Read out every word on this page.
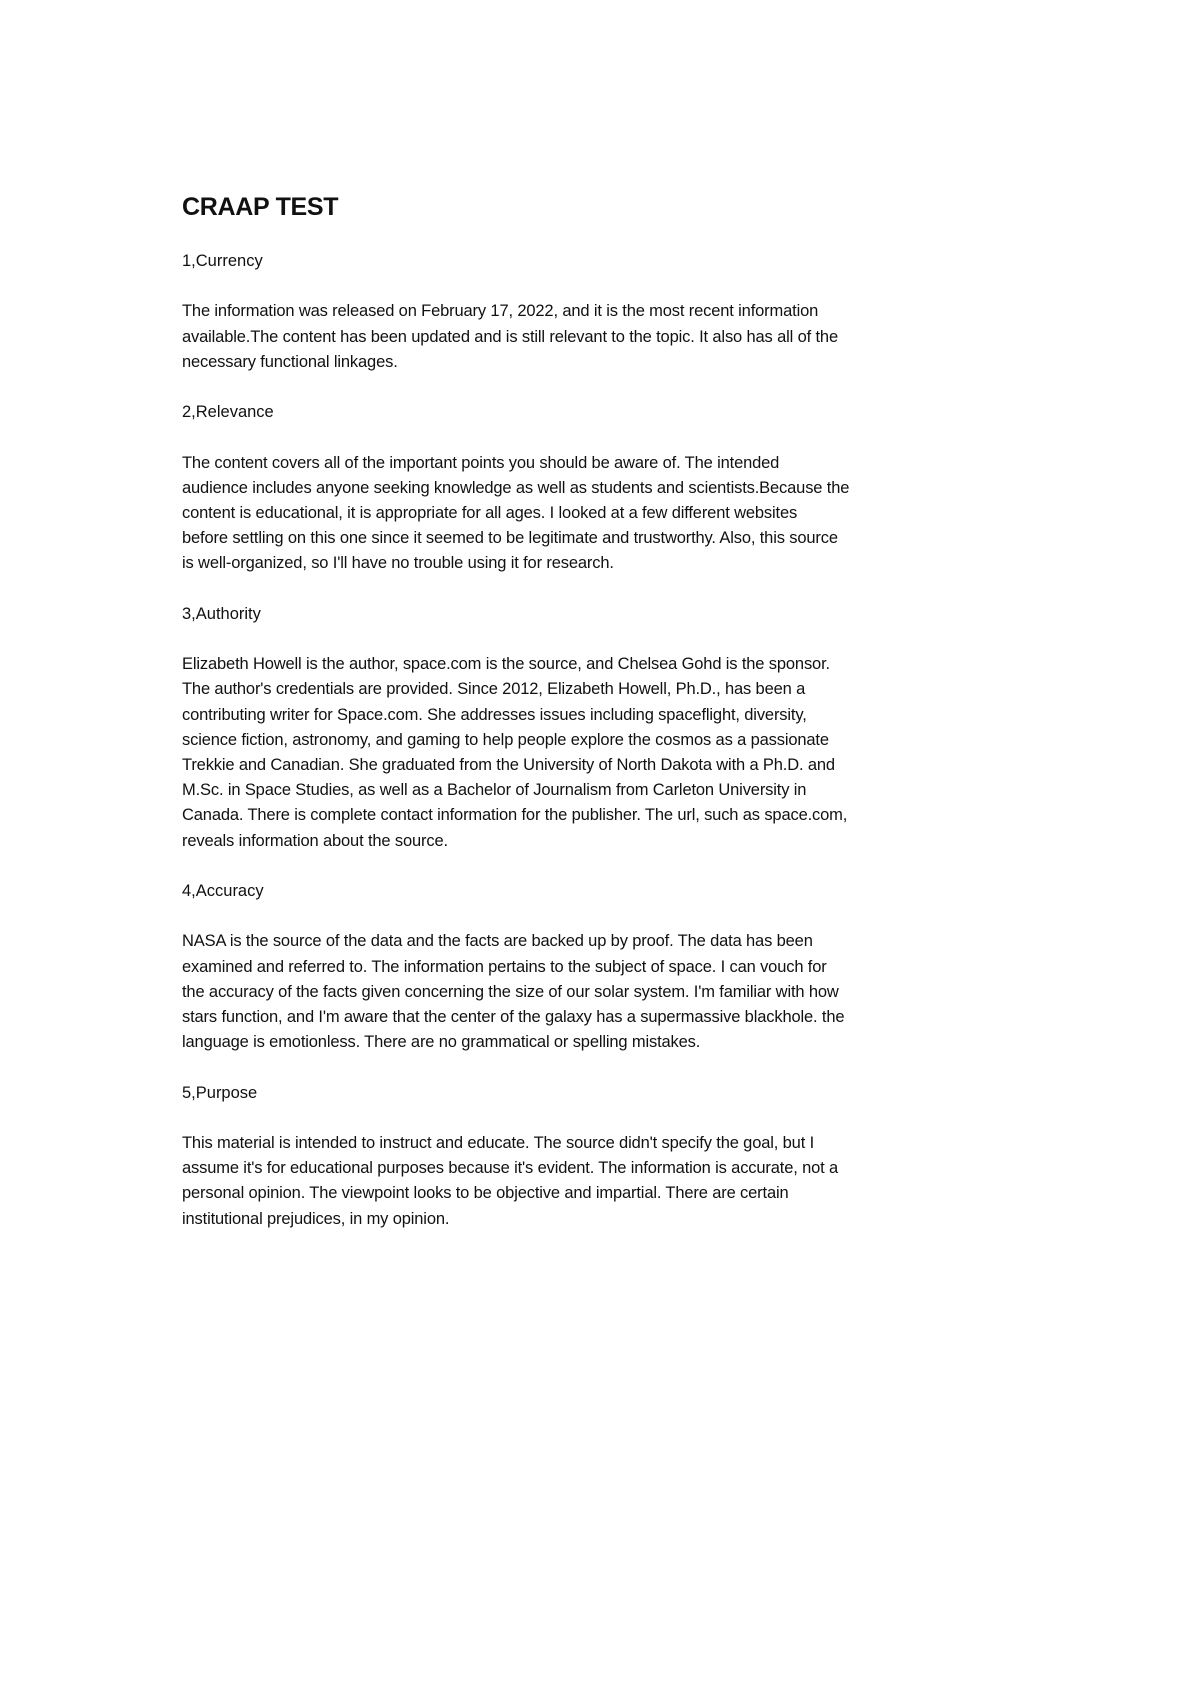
CRAAP TEST
1,Currency
The information was released on February 17, 2022, and it is the most recent information
available.The content has been updated and is still relevant to the topic. It also has all of the
necessary functional linkages.
2,Relevance
The content covers all of the important points you should be aware of. The intended
audience includes anyone seeking knowledge as well as students and scientists.Because the
content is educational, it is appropriate for all ages. I looked at a few different websites
before settling on this one since it seemed to be legitimate and trustworthy. Also, this source
is well-organized, so I'll have no trouble using it for research.
3,Authority
Elizabeth Howell is the author, space.com is the source, and Chelsea Gohd is the sponsor.
The author's credentials are provided. Since 2012, Elizabeth Howell, Ph.D., has been a
contributing writer for Space.com. She addresses issues including spaceflight, diversity,
science fiction, astronomy, and gaming to help people explore the cosmos as a passionate
Trekkie and Canadian. She graduated from the University of North Dakota with a Ph.D. and
M.Sc. in Space Studies, as well as a Bachelor of Journalism from Carleton University in
Canada. There is complete contact information for the publisher. The url, such as space.com,
reveals information about the source.
4,Accuracy
NASA is the source of the data and the facts are backed up by proof. The data has been
examined and referred to. The information pertains to the subject of space. I can vouch for
the accuracy of the facts given concerning the size of our solar system. I'm familiar with how
stars function, and I'm aware that the center of the galaxy has a supermassive blackhole. the
language is emotionless. There are no grammatical or spelling mistakes.
5,Purpose
This material is intended to instruct and educate. The source didn't specify the goal, but I
assume it's for educational purposes because it's evident. The information is accurate, not a
personal opinion. The viewpoint looks to be objective and impartial. There are certain
institutional prejudices, in my opinion.
